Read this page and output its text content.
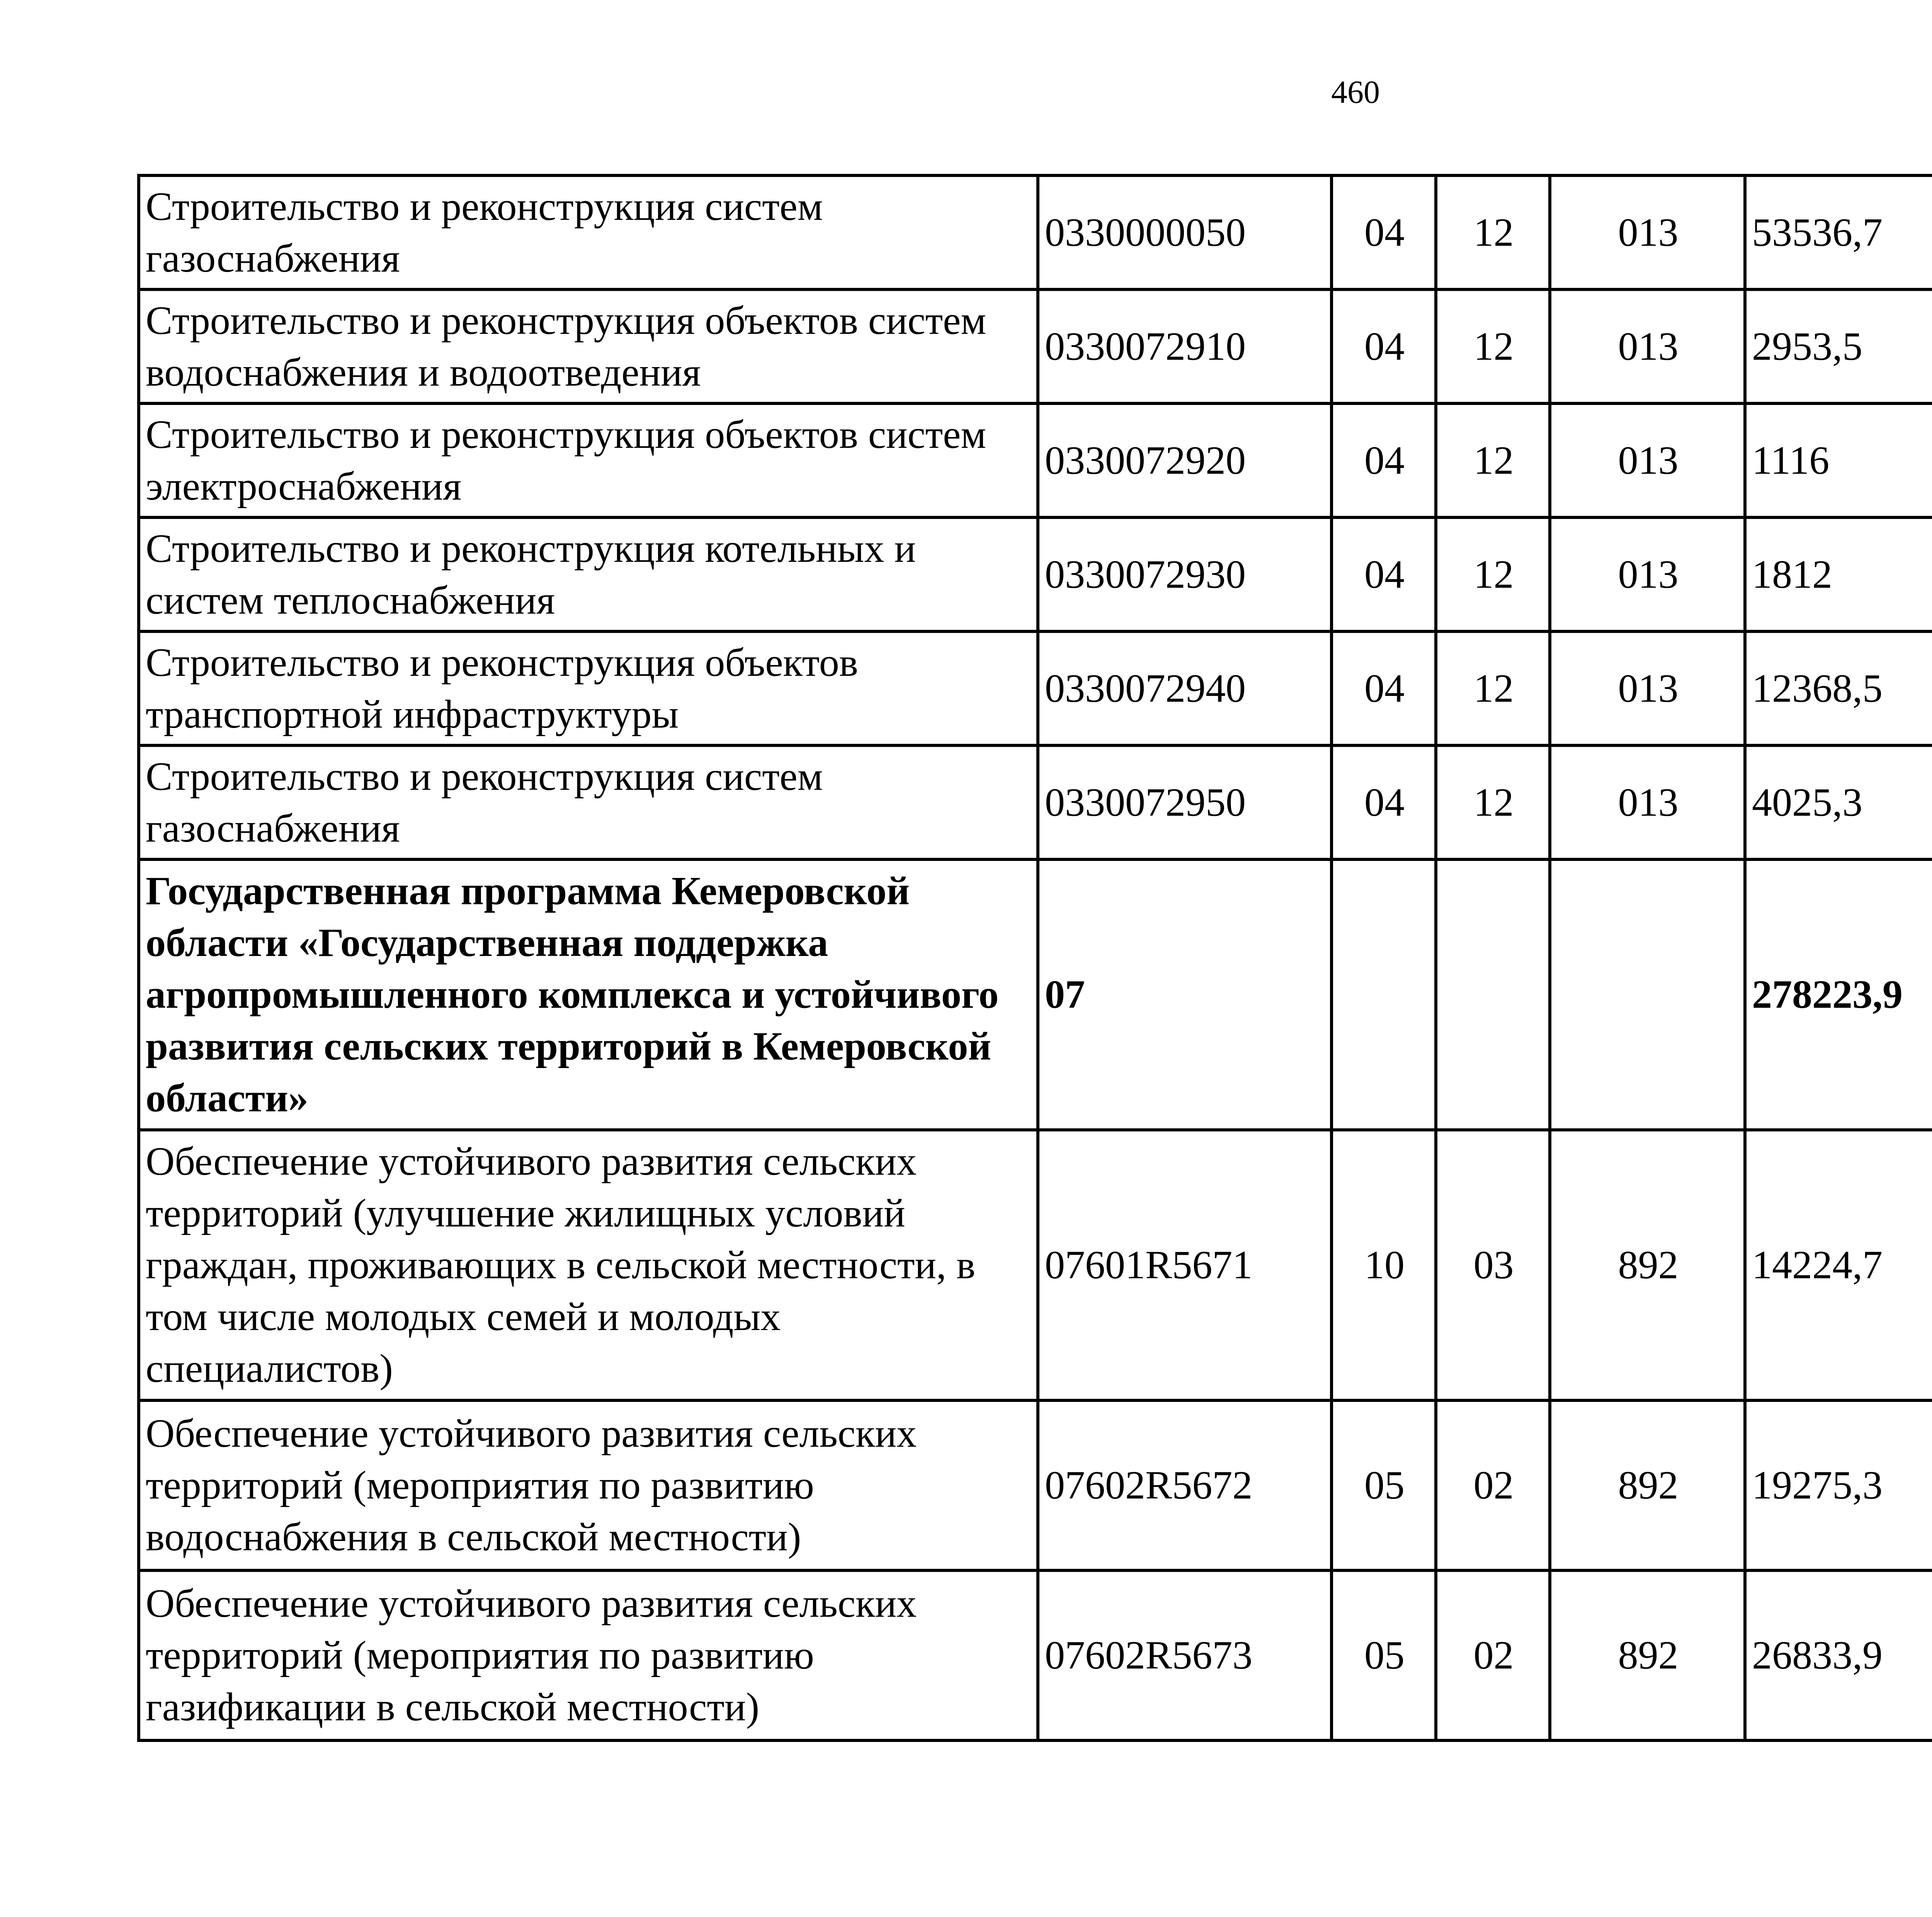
460
Строительство и реконструкция систем газоснабжения	0330000050	04	12	013	53536,7		
Строительство и реконструкция объектов систем водоснабжения и водоотведения	0330072910	04	12	013	2953,5		
Строительство и реконструкция объектов систем электроснабжения	0330072920	04	12	013	1116		
Строительство и реконструкция котельных и систем теплоснабжения	0330072930	04	12	013	1812		
Строительство и реконструкция объектов транспортной инфраструктуры	0330072940	04	12	013	12368,5		
Строительство и реконструкция систем газоснабжения	0330072950	04	12	013	4025,3		
Государственная программа Кемеровской области «Государственная поддержка агропромышленного комплекса и устойчивого развития сельских территорий в Кемеровской области»	07				278223,9		
Обеспечение устойчивого развития сельских территорий (улучшение жилищных условий граждан, проживающих в сельской местности, в том числе молодых семей и молодых специалистов)	07601R5671	10	03	892	14224,7		
Обеспечение устойчивого развития сельских территорий (мероприятия по развитию водоснабжения в сельской местности)	07602R5672	05	02	892	19275,3		
Обеспечение устойчивого развития сельских территорий (мероприятия по развитию газификации в сельской местности)	07602R5673	05	02	892	26833,9		
